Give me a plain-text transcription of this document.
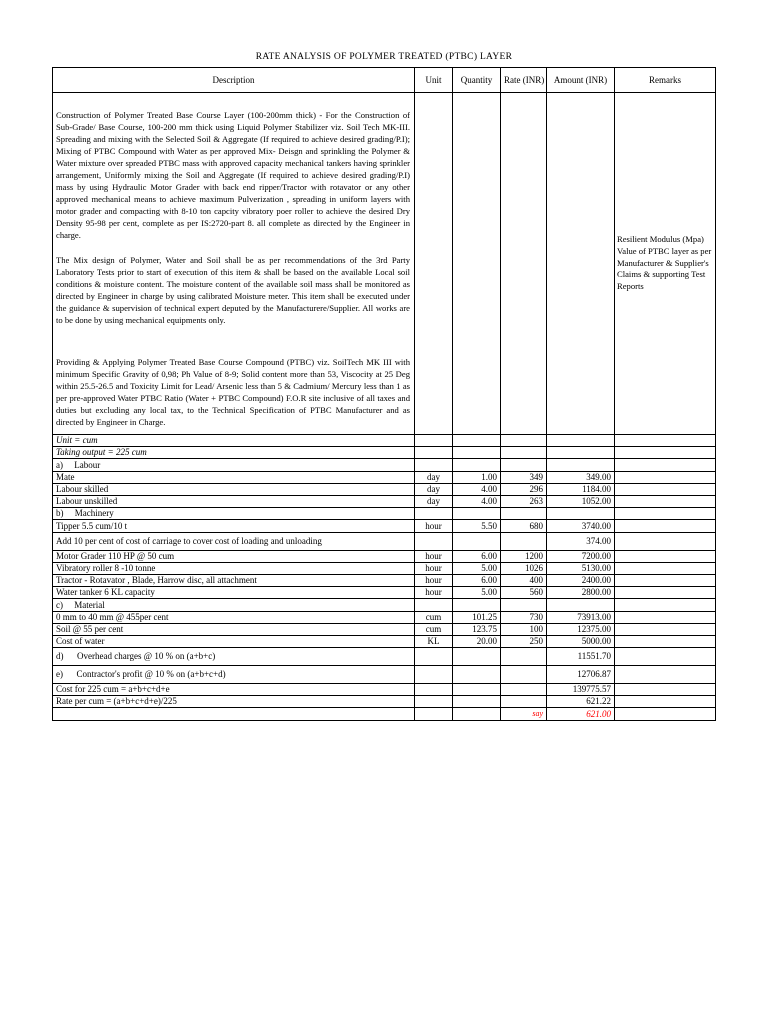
RATE ANALYSIS OF POLYMER TREATED (PTBC) LAYER
Description	Unit	Quantity	Rate (INR)	Amount (INR)	Remarks

Construction of Polymer Treated Base Course Layer (100-200mm thick) - For the Construction of Sub-Grade/ Base Course, 100-200 mm thick using Liquid Polymer Stabilizer viz. Soil Tech MK-III. Spreading and mixing with the Selected Soil & Aggregate (If required to achieve desired grading/P.I); Mixing of PTBC Compound with Water as per approved Mix- Deisgn and sprinkling the Polymer & Water mixture over spreaded PTBC mass with approved capacity mechanical tankers having sprinkler arrangement, Uniformly mixing the Soil and Aggregate (If required to achieve desired grading/P.I) mass by using Hydraulic Motor Grader with back end ripper/Tractor with rotavator or any other approved mechanical means to achieve maximum Pulverization , spreading in uniform layers with motor grader and compacting with 8-10 ton capcity vibratory poer roller to achieve the desired Dry Density 95-98 per cent, complete as per IS:2720-part 8. all complete as directed by the Engineer in charge.

The Mix design of Polymer, Water and Soil shall be as per recommendations of the 3rd Party Laboratory Tests prior to start of execution of this item & shall be based on the available Local soil conditions & moisture content. The moisture content of the available soil mass shall be monitored as directed by Engineer in charge by using calibrated Moisture meter. This item shall be executed under the guidance & supervision of technical expert deputed by the Manufacturere/Supplier. All works are to be done by using mechanical equipments only.

Providing & Applying Polymer Treated Base Course Compound (PTBC) viz. SoilTech MK III with minimum Specific Gravity of 0,98; Ph Value of 8-9; Solid content more than 53, Viscocity at 25 Deg within 25.5-26.5 and Toxicity Limit for Lead/ Arsenic less than 5 & Cadmium/ Mercury less than 1 as per pre-approved Water PTBC Ratio (Water + PTBC Compound) F.O.R site inclusive of all taxes and duties but excluding any local tax, to the Technical Specification of PTBC Manufacturer and as directed by Engineer in Charge.					Resilient Modulus (Mpa) Value of PTBC layer as per Manufacturer & Supplier's Claims & supporting Test Reports
Unit = cum					
Taking output = 225 cum					
a)     Labour					
Mate	day	1.00	349	349.00	
Labour skilled	day	4.00	296	1184.00	
Labour unskilled	day	4.00	263	1052.00	
b)     Machinery					
Tipper 5.5 cum/10 t	hour	5.50	680	3740.00	
Add 10 per cent of cost of carriage to cover cost of loading and unloading				374.00	
Motor Grader 110 HP @ 50 cum	hour	6.00	1200	7200.00	
Vibratory roller 8 -10 tonne	hour	5.00	1026	5130.00	
Tractor - Rotavator , Blade, Harrow disc, all attachment	hour	6.00	400	2400.00	
Water tanker 6 KL capacity	hour	5.00	560	2800.00	
c)     Material					
0 mm to 40 mm @ 455per cent	cum	101.25	730	73913.00	
Soil @ 55 per cent	cum	123.75	100	12375.00	
Cost of water	KL	20.00	250	5000.00	
d)      Overhead charges @ 10 % on (a+b+c)				11551.70	
e)      Contractor's profit @ 10 % on (a+b+c+d)				12706.87	
Cost for 225 cum = a+b+c+d+e				139775.57	
Rate per cum = (a+b+c+d+e)/225				621.22	
			say	621.00	
